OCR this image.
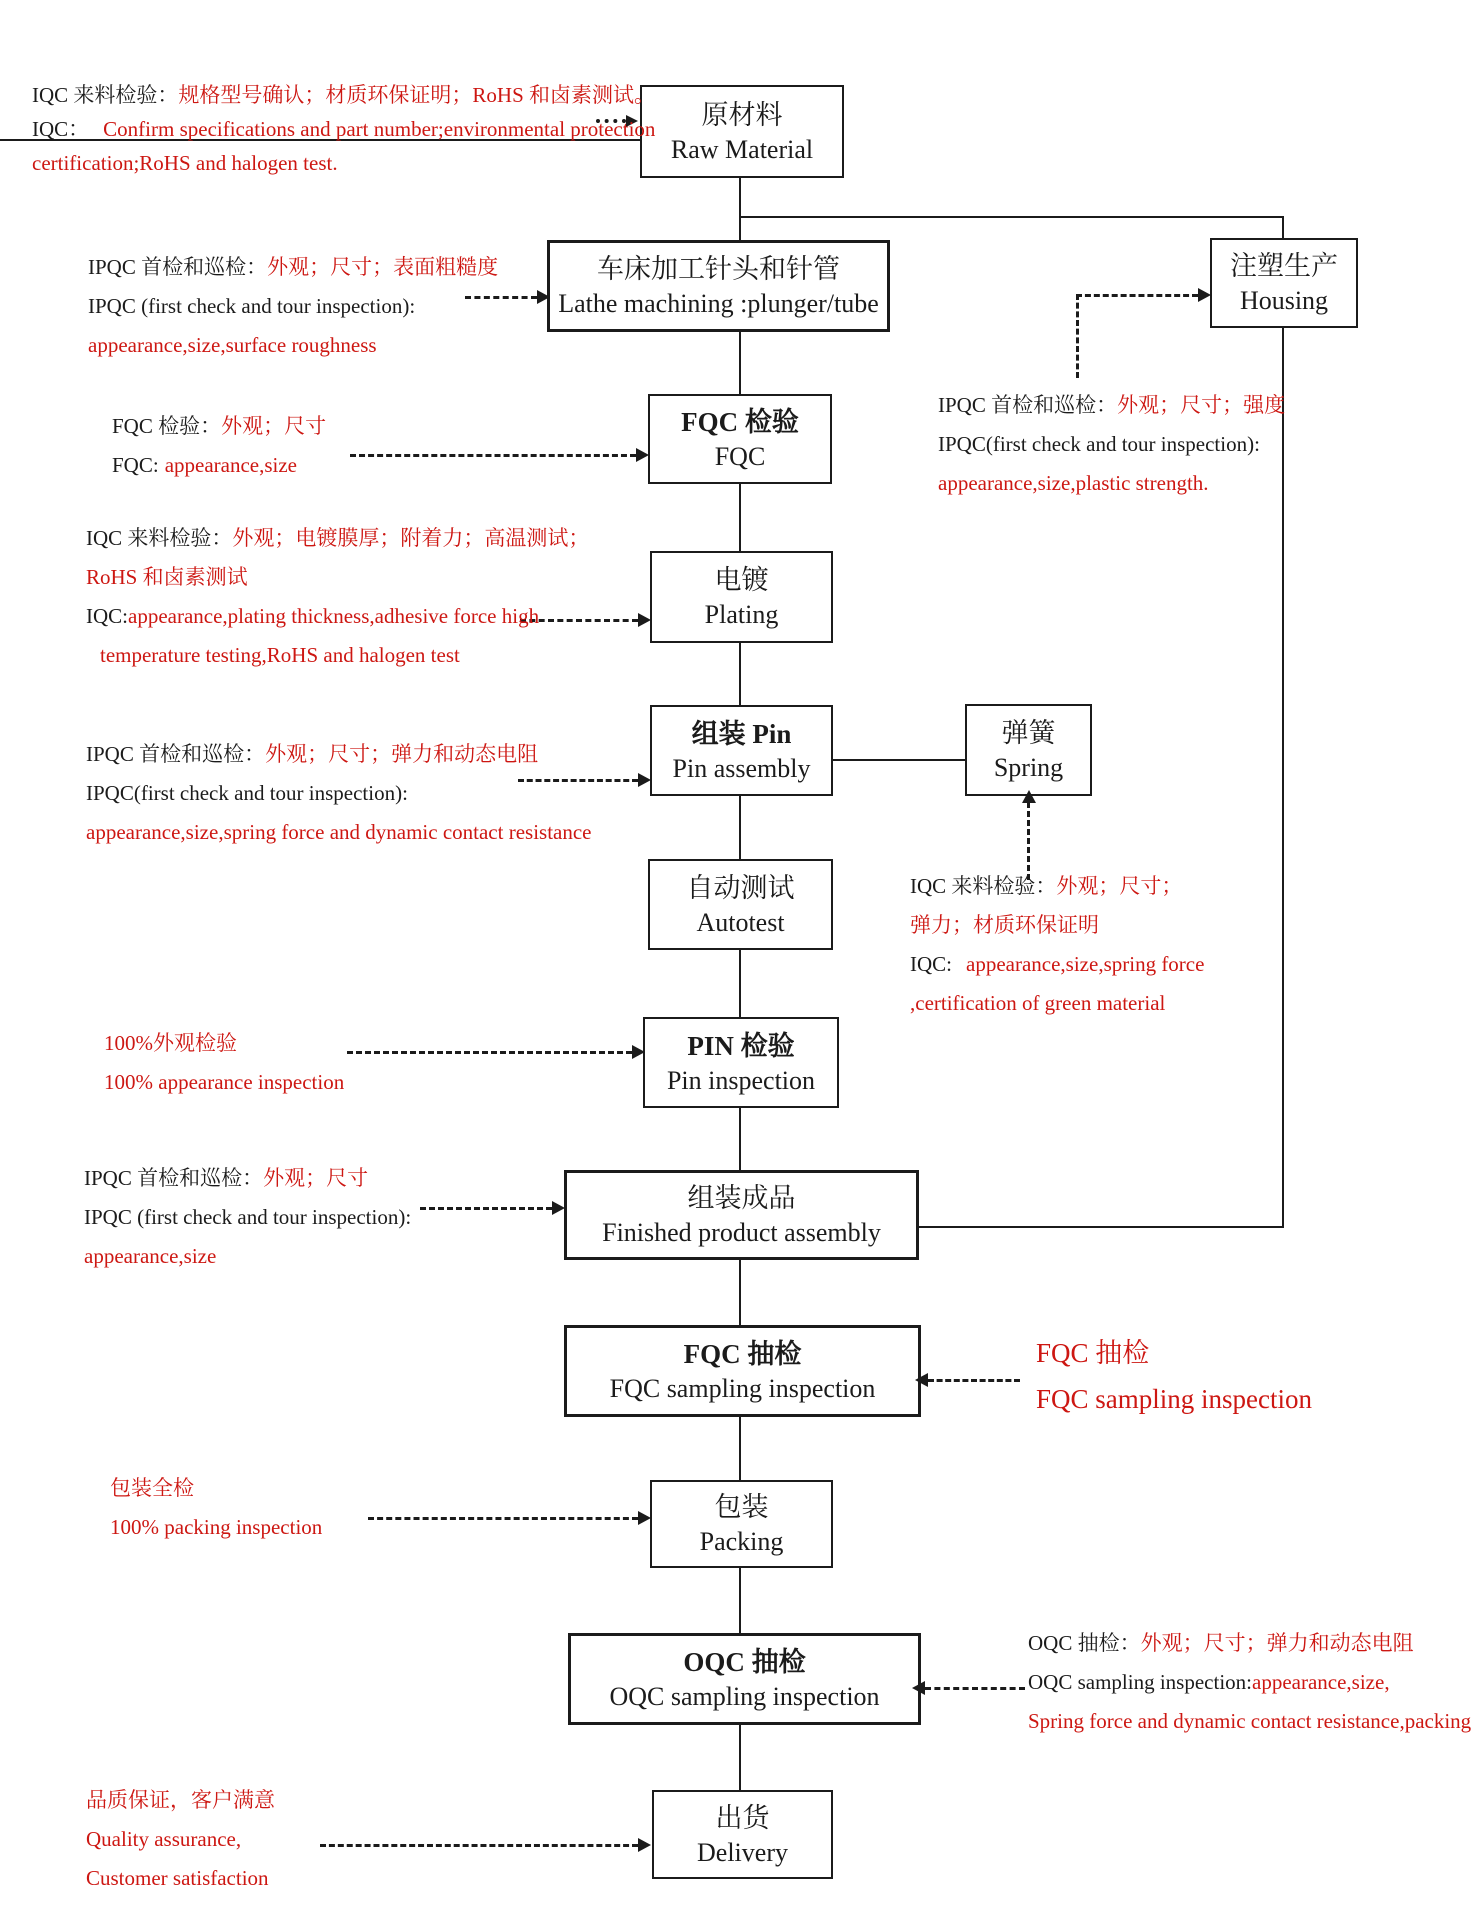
原材料
Raw Material
车床加工针头和针管
Lathe machining :plunger/tube
注塑生产
Housing
FQC 检验
FQC
电镀
Plating
组装 Pin
Pin assembly
弹簧
Spring
自动测试
Autotest
PIN 检验
Pin inspection
组装成品
Finished product assembly
FQC 抽检
FQC sampling inspection
包装
Packing
OQC 抽检
OQC sampling inspection
出货
Delivery
IQC 来料检验：规格型号确认；材质环保证明；RoHS 和卤素测试。
IQC： Confirm specifications and part number;environmental protection
certification;RoHS and halogen test.
IPQC 首检和巡检：外观；尺寸；表面粗糙度
IPQC (first check and tour inspection):
appearance,size,surface roughness
IPQC 首检和巡检：外观；尺寸；强度
IPQC(first check and tour inspection):
appearance,size,plastic strength.
FQC 检验：外观；尺寸
FQC: appearance,size
IQC 来料检验：外观；电镀膜厚；附着力；高温测试；
RoHS 和卤素测试
IQC:appearance,plating thickness,adhesive force high
temperature testing,RoHS and halogen test
IPQC 首检和巡检：外观；尺寸；弹力和动态电阻
IPQC(first check and tour inspection):
appearance,size,spring force and dynamic contact resistance
IQC 来料检验：外观；尺寸；
弹力；材质环保证明
IQC: appearance,size,spring force
,certification of green material
100%外观检验
100% appearance inspection
IPQC 首检和巡检：外观；尺寸
IPQC (first check and tour inspection):
appearance,size
FQC 抽检
FQC sampling inspection
包装全检
100% packing inspection
OQC 抽检：外观；尺寸；弹力和动态电阻
OQC sampling inspection:appearance,size,
Spring force and dynamic contact resistance,packing
品质保证，客户满意
Quality assurance,
Customer satisfaction
